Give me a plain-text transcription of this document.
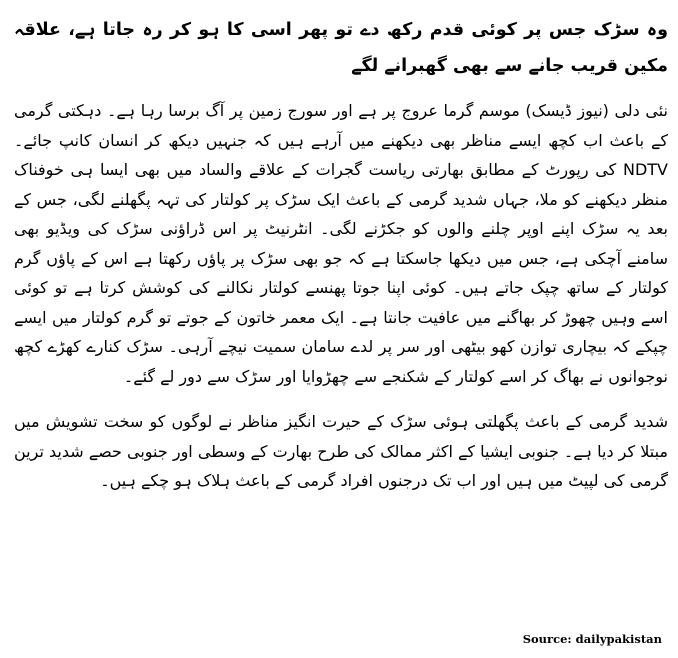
وہ سڑک جس پر کوئی قدم رکھ دے تو پھر اسی کا ہو کر رہ جاتا ہے، علاقہ مکین قریب جانے سے بھی گھبرانے لگے

نئی دلی (نیوز ڈیسک) موسم گرما عروج پر ہے اور سورج زمین پر آگ برسا رہا ہے۔ دہکتی گرمی کے باعث اب کچھ ایسے مناظر بھی دیکھنے میں آرہے ہیں کہ جنہیں دیکھ کر انسان کانپ جائے۔ NDTV کی رپورٹ کے مطابق بھارتی ریاست گجرات کے علاقے والساد میں بھی ایسا ہی خوفناک منظر دیکھنے کو ملا، جہاں شدید گرمی کے باعث ایک سڑک پر کولتار کی تہہ پگھلنے لگی، جس کے بعد یہ سڑک اپنے اوپر چلنے والوں کو جکڑنے لگی۔ انٹرنیٹ پر اس ڈراؤنی سڑک کی ویڈیو بھی سامنے آچکی ہے، جس میں دیکھا جاسکتا ہے کہ جو بھی سڑک پر پاؤں رکھتا ہے اس کے پاؤں گرم کولتار کے ساتھ چپک جاتے ہیں۔ کوئی اپنا جوتا پھنسے کولتار نکالنے کی کوشش کرتا ہے تو کوئی اسے وہیں چھوڑ کر بھاگنے میں عافیت جانتا ہے۔ ایک معمر خاتون کے جوتے تو گرم کولتار میں ایسے چپکے کہ بیچاری توازن کھو بیٹھی اور سر پر لدے سامان سمیت نیچے آرہی۔ سڑک کنارے کھڑے کچھ نوجوانوں نے بھاگ کر اسے کولتار کے شکنجے سے چھڑوایا اور سڑک سے دور لے گئے۔

شدید گرمی کے باعث پگھلتی ہوئی سڑک کے حیرت انگیز مناظر نے لوگوں کو سخت تشویش میں مبتلا کر دیا ہے۔ جنوبی ایشیا کے اکثر ممالک کی طرح بھارت کے وسطی اور جنوبی حصے شدید ترین گرمی کی لپیٹ میں ہیں اور اب تک درجنوں افراد گرمی کے باعث ہلاک ہو چکے ہیں۔

Source: dailypakistan
